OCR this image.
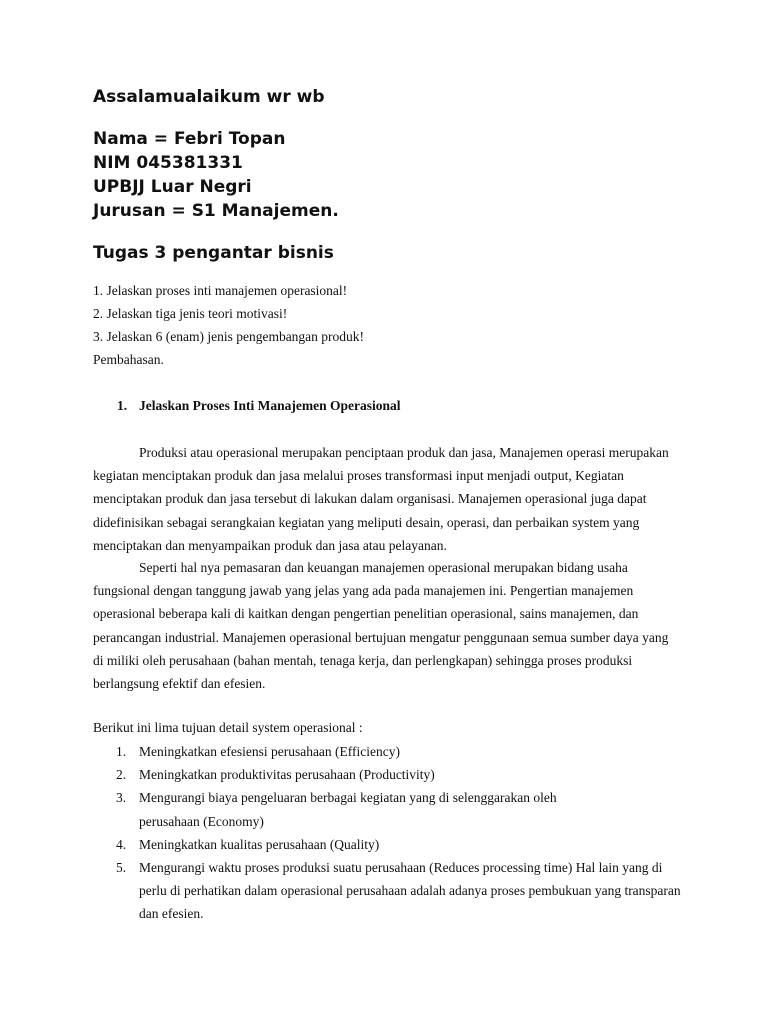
Assalamualaikum wr wb
Nama = Febri Topan
NIM 045381331
UPBJJ Luar Negri
Jurusan = S1 Manajemen.
Tugas 3 pengantar bisnis

1. Jelaskan proses inti manajemen operasional!

2. Jelaskan tiga jenis teori motivasi!

3. Jelaskan 6 (enam) jenis pengembangan produk!

Pembahasan.

1. Jelaskan Proses Inti Manajemen Operasional

Produksi atau operasional merupakan penciptaan produk dan jasa, Manajemen operasi merupakan kegiatan menciptakan produk dan jasa melalui proses transformasi input menjadi output, Kegiatan menciptakan produk dan jasa tersebut di lakukan dalam organisasi. Manajemen operasional juga dapat didefinisikan sebagai serangkaian kegiatan yang meliputi desain, operasi, dan perbaikan system yang menciptakan dan menyampaikan produk dan jasa atau pelayanan.

Seperti hal nya pemasaran dan keuangan manajemen operasional merupakan bidang usaha fungsional dengan tanggung jawab yang jelas yang ada pada manajemen ini. Pengertian manajemen operasional beberapa kali di kaitkan dengan pengertian penelitian operasional, sains manajemen, dan perancangan industrial. Manajemen operasional bertujuan mengatur penggunaan semua sumber daya yang di miliki oleh perusahaan (bahan mentah, tenaga kerja, dan perlengkapan) sehingga proses produksi berlangsung efektif dan efesien.

Berikut ini lima tujuan detail system operasional :

1. Meningkatkan efesiensi perusahaan (Efficiency)
2. Meningkatkan produktivitas perusahaan (Productivity)
3. Mengurangi biaya pengeluaran berbagai kegiatan yang di selenggarakan oleh perusahaan (Economy)
4. Meningkatkan kualitas perusahaan (Quality)
5. Mengurangi waktu proses produksi suatu perusahaan (Reduces processing time) Hal lain yang di perlu di perhatikan dalam operasional perusahaan adalah adanya proses pembukuan yang transparan dan efesien.
